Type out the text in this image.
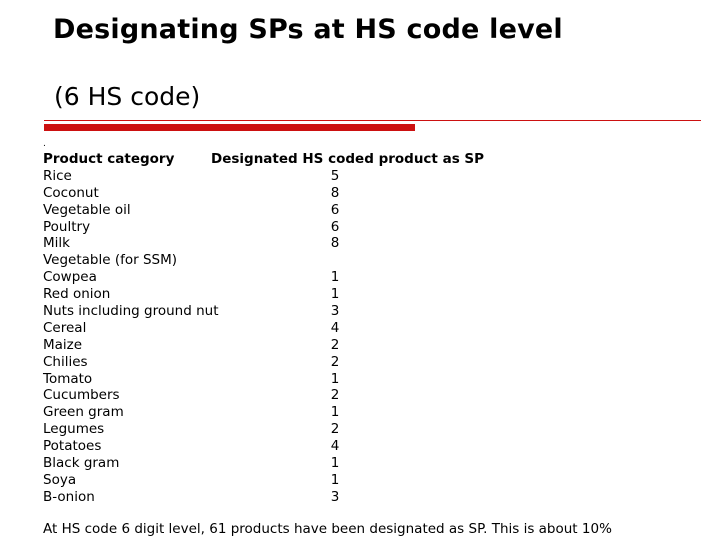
Designating SPs at HS code level
(6 HS code)
.
Product category	Designated HS coded product as SP
Rice	5
Coconut	8
Vegetable oil	6
Poultry	6
Milk	8
Vegetable (for SSM)
Cowpea	1
Red onion	1
Nuts including ground nut	3
Cereal	4
Maize	2
Chilies	2
Tomato	1
Cucumbers	2
Green gram	1
Legumes	2
Potatoes	4
Black gram	1
Soya	1
B-onion	3
At HS code 6 digit level, 61 products have been designated as SP. This is about 10%
